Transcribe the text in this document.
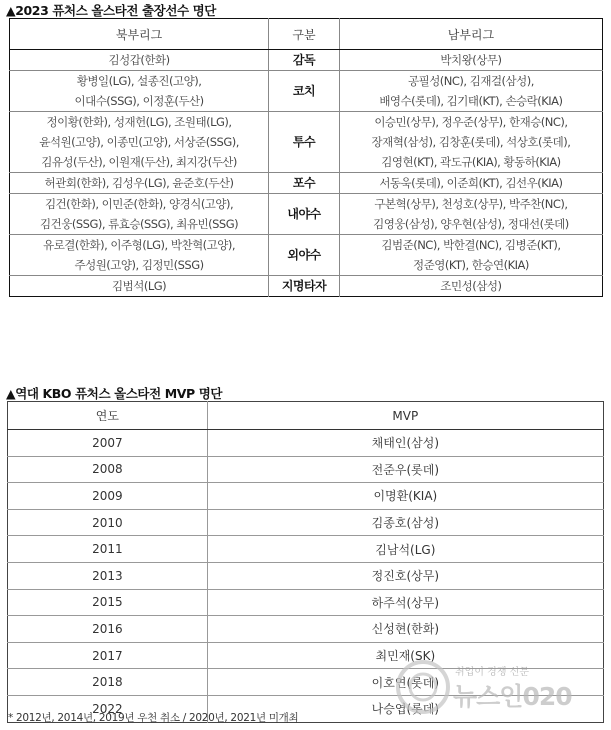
▲2023 퓨처스 올스타전 출장선수 명단
북부리그	구분	남부리그

김성갑(한화)	감독	박치왕(상무)

황병일(LG), 설종진(고양),
이대수(SSG), 이정훈(두산)	코치	공필성(NC), 김재걸(삼성),
배영수(롯데), 김기태(KT), 손승락(KIA)

정이황(한화), 성재헌(LG), 조원태(LG),
윤석원(고양), 이종민(고양), 서상준(SSG),
김유성(두산), 이원재(두산), 최지강(두산)	투수	이승민(상무), 정우준(상무), 한재승(NC),
장재혁(삼성), 김창훈(롯데), 석상호(롯데),
김영현(KT), 곽도규(KIA), 황동하(KIA)

허관회(한화), 김성우(LG), 윤준호(두산)	포수	서동욱(롯데), 이준희(KT), 김선우(KIA)

김건(한화), 이민준(한화), 양경식(고양),
김건웅(SSG), 류효승(SSG), 최유빈(SSG)	내야수	구본혁(상무), 천성호(상무), 박주찬(NC),
김영웅(삼성), 양우현(삼성), 정대선(롯데)

유로결(한화), 이주형(LG), 박찬혁(고양),
주성원(고양), 김정민(SSG)	외야수	김범준(NC), 박한결(NC), 김병준(KT),
정준영(KT), 한승연(KIA)

김범석(LG)	지명타자	조민성(삼성)
▲역대 KBO 퓨처스 올스타전 MVP 명단
연도	MVP
2007	채태인(삼성)
2008	전준우(롯데)
2009	이명환(KIA)
2010	김종호(삼성)
2011	김남석(LG)
2013	정진호(상무)
2015	하주석(상무)
2016	신성현(한화)
2017	최민재(SK)
2018	이호연(롯데)
2022	나승엽(롯데)
* 2012년, 2014년, 2019년 우천 취소 / 2020년, 2021년 미개최
취업이 경쟁 신문
뉴스인020
